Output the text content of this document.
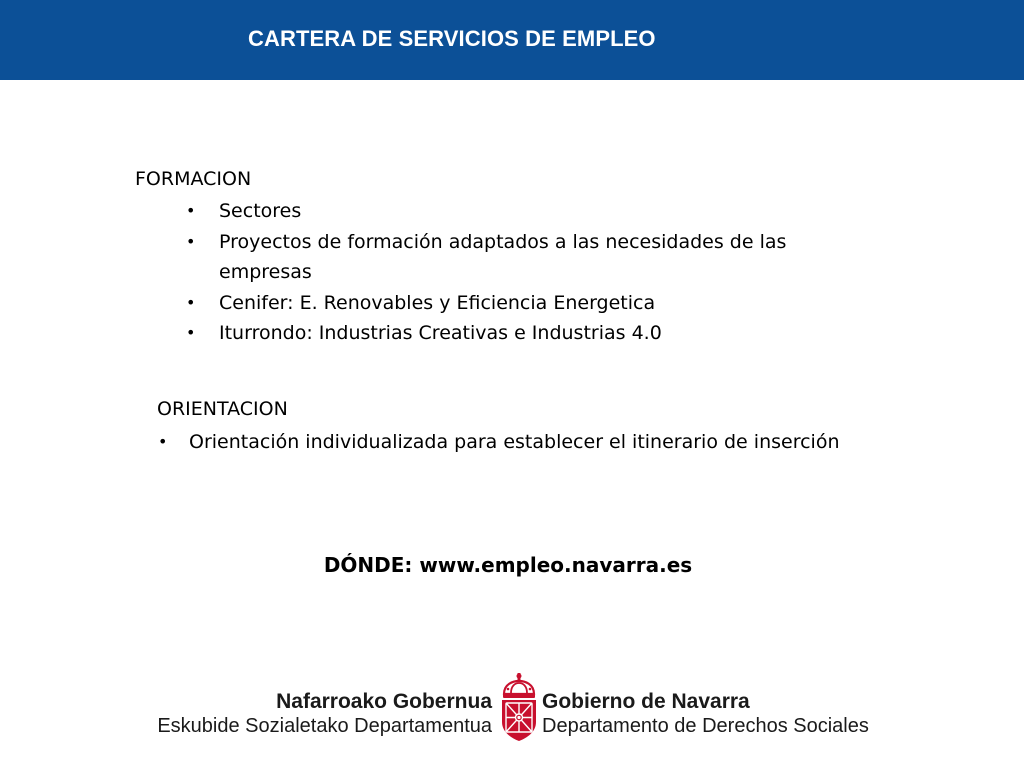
CARTERA DE SERVICIOS DE EMPLEO
FORMACION
• Sectores
• Proyectos de formación adaptados a las necesidades de las empresas
• Cenifer: E. Renovables y Eficiencia Energetica
• Iturrondo: Industrias Creativas e Industrias 4.0
ORIENTACION
• Orientación individualizada para establecer el itinerario de inserción
DÓNDE: www.empleo.navarra.es
Nafarroako Gobernua
Eskubide Sozialetako Departamentua
Gobierno de Navarra
Departamento de Derechos Sociales
